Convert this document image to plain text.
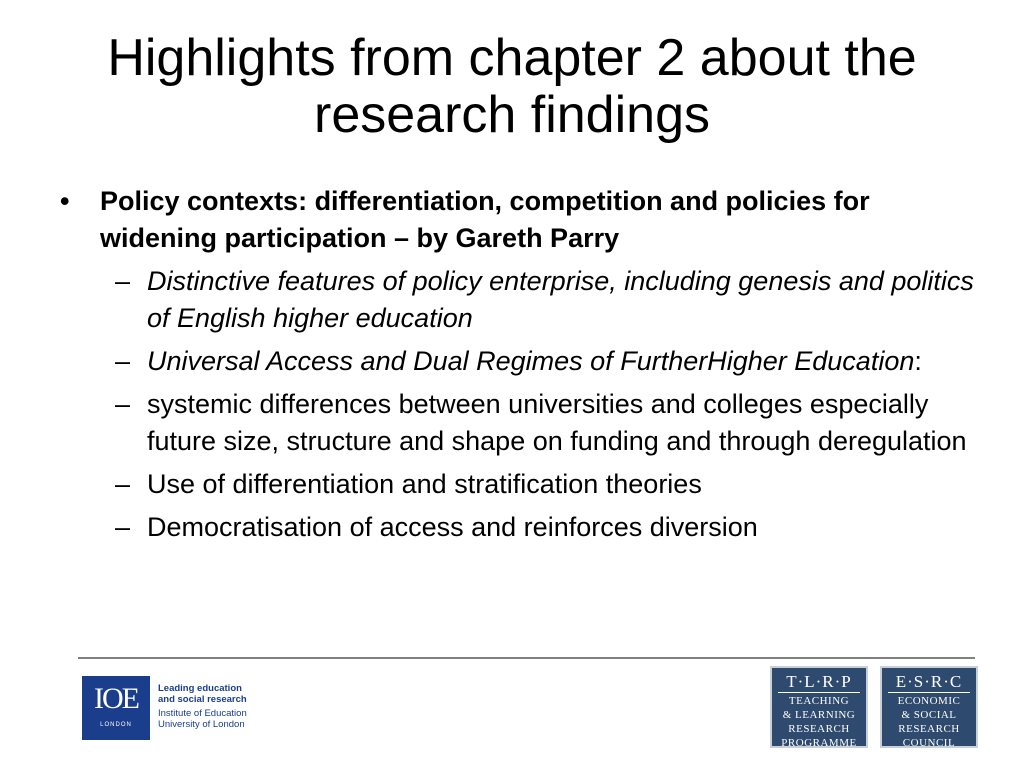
Highlights from chapter 2 about the research findings
• Policy contexts: differentiation, competition and policies for widening participation – by Gareth Parry
– Distinctive features of policy enterprise, including genesis and politics of English higher education
– Universal Access and Dual Regimes of FurtherHigher Education:
– systemic differences between universities and colleges especially future size, structure and shape on funding and through deregulation
– Use of differentiation and stratification theories
– Democratisation of access and reinforces diversion
IOE
LONDON
Leading education
and social research
Institute of Education
University of London
T·L·R·P
TEACHING
& LEARNING
RESEARCH
PROGRAMME
E·S·R·C
ECONOMIC
& SOCIAL
RESEARCH
COUNCIL
